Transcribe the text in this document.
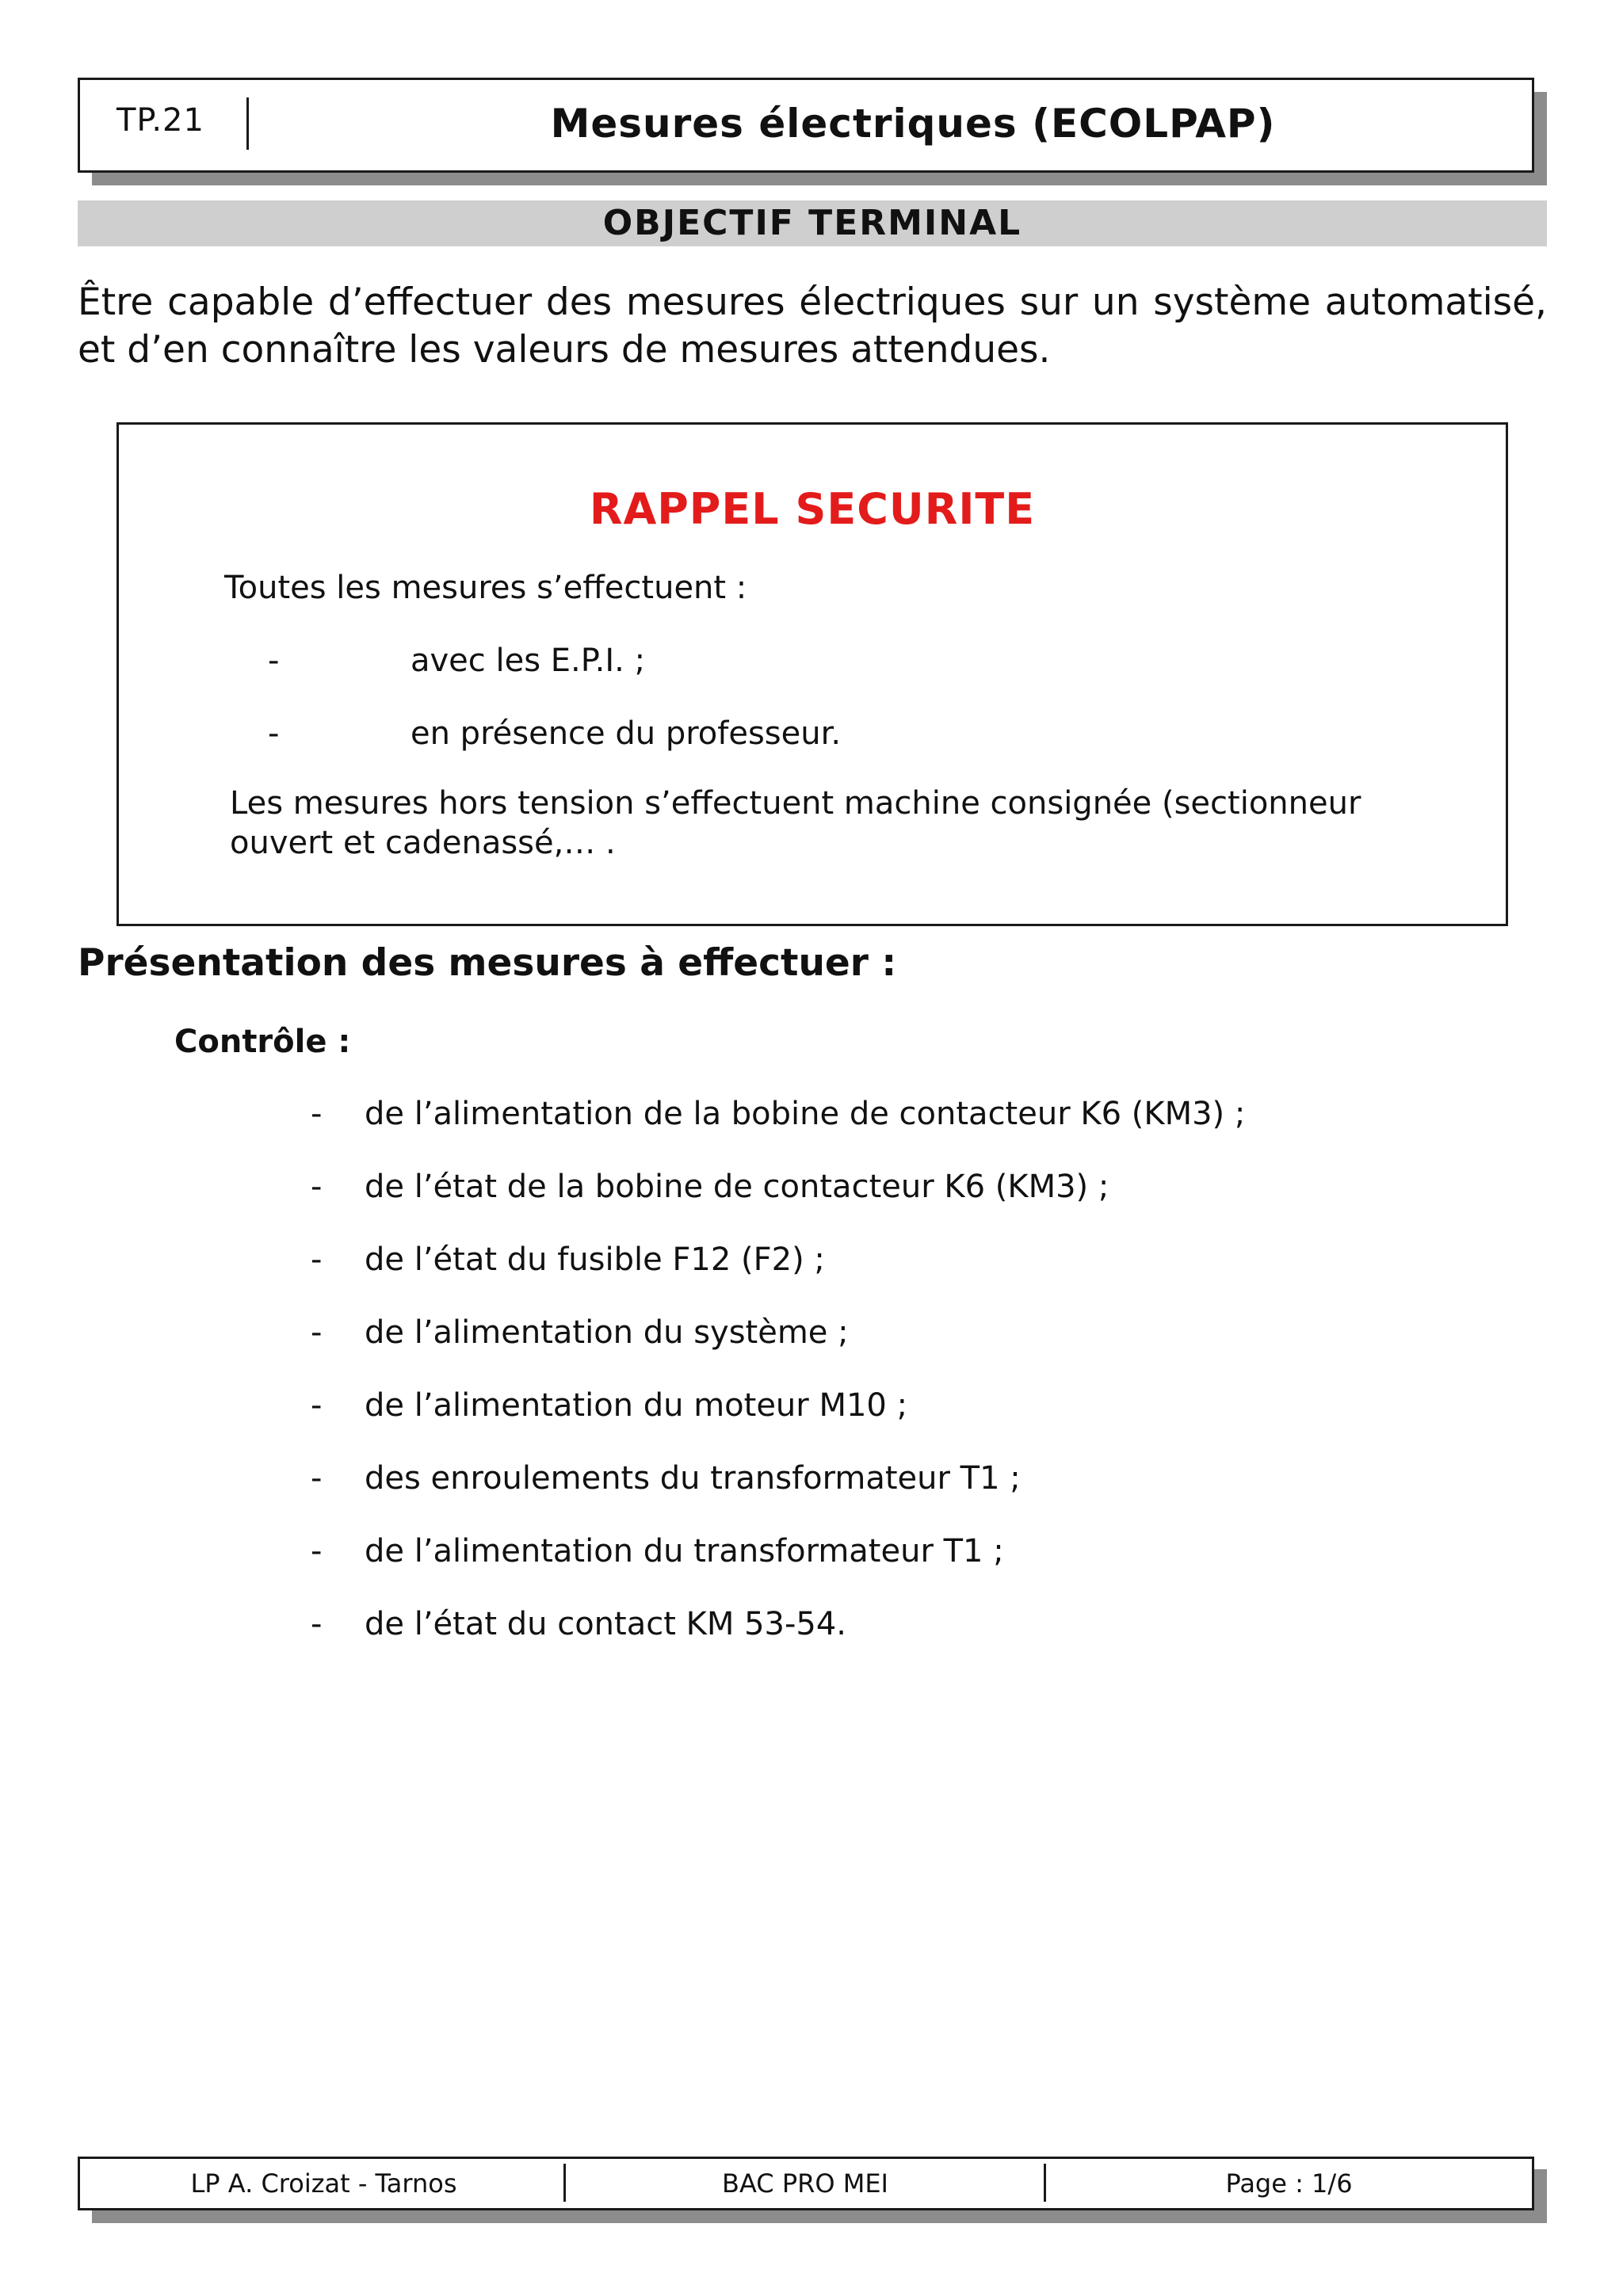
TP.21	Mesures électriques (ECOLPAP)
OBJECTIF TERMINAL
Être capable d’effectuer des mesures électriques sur un système automatisé, et d’en connaître les valeurs de mesures attendues.
RAPPEL SECURITE
Toutes les mesures s’effectuent :
-	avec les E.P.I. ;
-	en présence du professeur.
Les mesures hors tension s’effectuent machine consignée (sectionneur ouvert et cadenassé,… .
Présentation des mesures à effectuer :
Contrôle :
-	de l’alimentation de la bobine de contacteur K6 (KM3) ;
-	de l’état de la bobine de contacteur K6 (KM3) ;
-	de l’état du fusible F12 (F2) ;
-	de l’alimentation du système ;
-	de l’alimentation du moteur M10 ;
-	des enroulements du transformateur T1 ;
-	de l’alimentation du transformateur T1 ;
-	de l’état du contact KM 53-54.
LP A. Croizat - Tarnos	BAC PRO MEI	Page : 1/6
